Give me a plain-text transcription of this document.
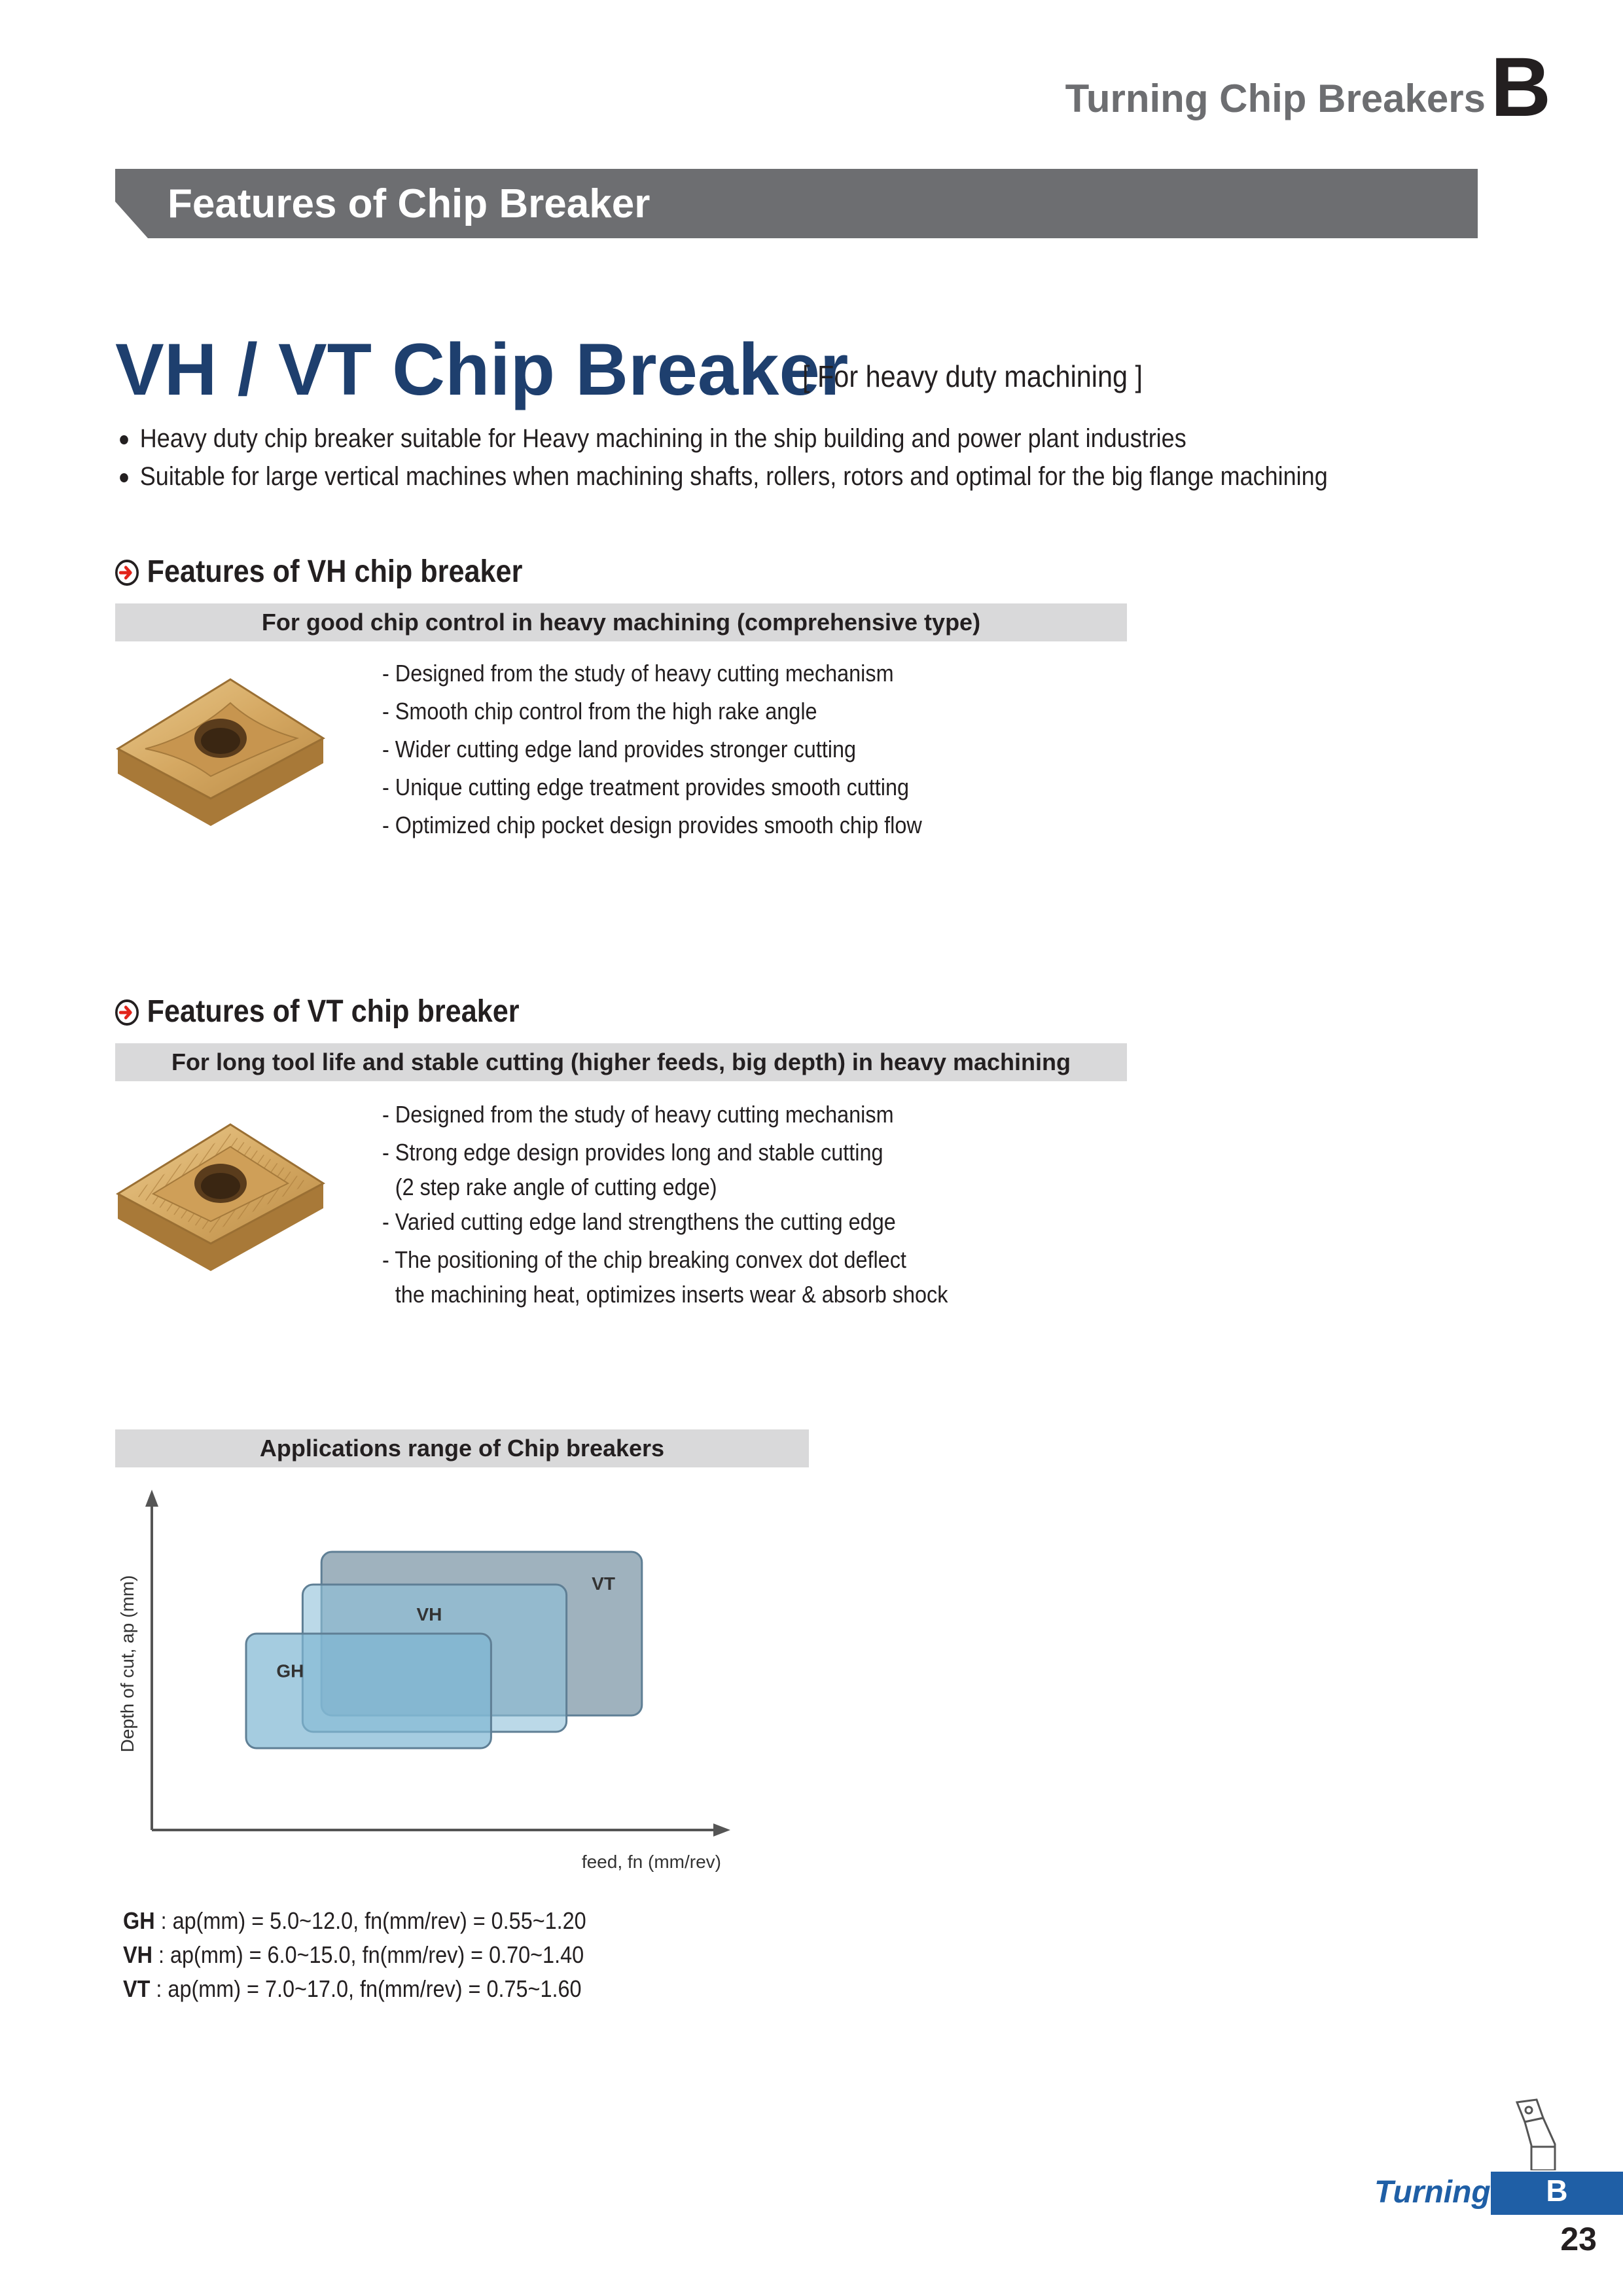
Turning Chip Breakers B
Features of Chip Breaker
VH / VT Chip Breaker
[ For heavy duty machining ]
Heavy duty chip breaker suitable for Heavy machining in the ship building and power plant industries
Suitable for large vertical machines when machining shafts, rollers, rotors and optimal for the big flange machining
Features of VH chip breaker
For good chip control in heavy machining (comprehensive type)
- Designed from the study of heavy cutting mechanism
- Smooth chip control from the high rake angle
- Wider cutting edge land provides stronger cutting
- Unique cutting edge treatment provides smooth cutting
- Optimized chip pocket design provides smooth chip flow
Features of VT chip breaker
For long tool life and stable cutting (higher feeds, big depth) in heavy machining
- Designed from the study of heavy cutting mechanism
- Strong edge design provides long and stable cutting
(2 step rake angle of cutting edge)
- Varied cutting edge land strengthens the cutting edge
- The positioning of the chip breaking convex dot deflect
the machining heat, optimizes inserts wear & absorb shock
Applications range of Chip breakers
Depth of cut, ap (mm)
feed, fn (mm/rev)
VT
VH
GH
GH : ap(mm) = 5.0~12.0, fn(mm/rev) = 0.55~1.20
VH : ap(mm) = 6.0~15.0, fn(mm/rev) = 0.70~1.40
VT : ap(mm) = 7.0~17.0, fn(mm/rev) = 0.75~1.60
Turning	B
23
